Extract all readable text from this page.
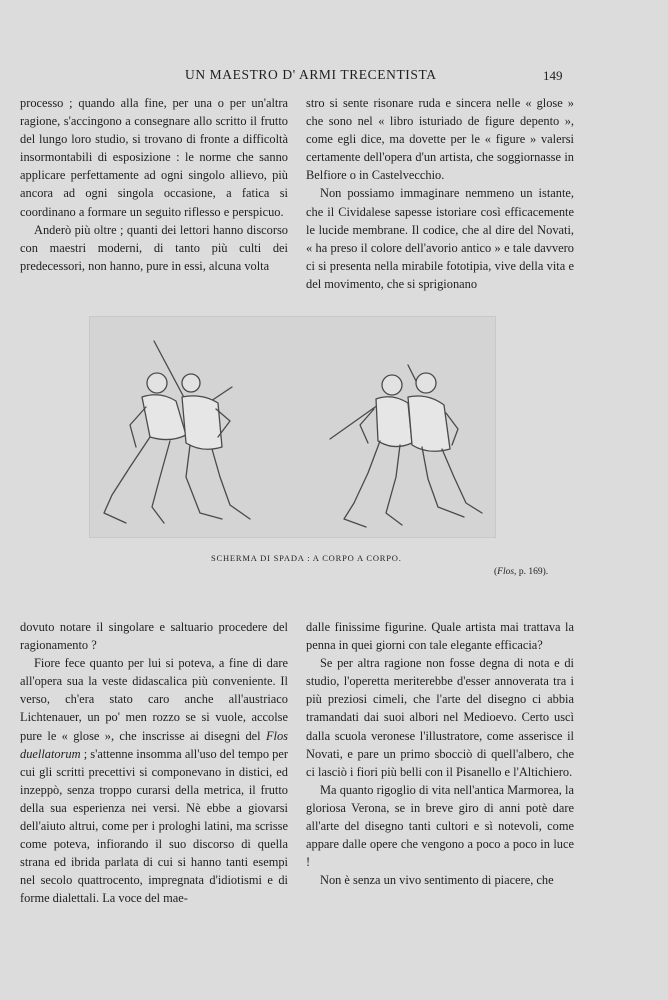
UN MAESTRO D' ARMI TRECENTISTA	149

processo ; quando alla fine, per una o per un'altra ragione, s'accingono a consegnare allo scritto il frutto del lungo loro studio, si trovano di fronte a difficoltà insormontabili di esposizione : le norme che sanno applicare perfettamente ad ogni singolo allievo, più ancora ad ogni singola occasione, a fatica si coordinano a formare un seguito riflesso e perspicuo.

Anderò più oltre ; quanti dei lettori hanno discorso con maestri moderni, di tanto più culti dei predecessori, non hanno, pure in essi, alcuna volta

stro si sente risonare ruda e sincera nelle « glose » che sono nel « libro isturiado de figure depento », come egli dice, ma dovette per le « figure » valersi certamente dell'opera d'un artista, che soggiornasse in Belfiore o in Castelvecchio.

Non possiamo immaginare nemmeno un istante, che il Cividalese sapesse istoriare così efficacemente le lucide membrane. Il codice, che al dire del Novati, « ha preso il colore dell'avorio antico » e tale davvero ci si presenta nella mirabile fototipia, vive della vita e del movimento, che si sprigionano

SCHERMA DI SPADA : A CORPO A CORPO.
(Flos, p. 169).

dovuto notare il singolare e saltuario procedere del ragionamento ?

Fiore fece quanto per lui si poteva, a fine di dare all'opera sua la veste didascalica più conveniente. Il verso, ch'era stato caro anche all'austriaco Lichtenauer, un po' men rozzo se si vuole, accolse pure le « glose », che inscrisse ai disegni del Flos duellatorum ; s'attenne insomma all'uso del tempo per cui gli scritti precettivi si componevano in distici, ed inzeppò, senza troppo curarsi della metrica, il frutto della sua esperienza nei versi. Nè ebbe a giovarsi dell'aiuto altrui, come per i prologhi latini, ma scrisse come poteva, infiorando il suo discorso di quella strana ed ibrida parlata di cui si hanno tanti esempi nel secolo quattrocento, impregnata d'idiotismi e di forme dialettali. La voce del mae-

dalle finissime figurine. Quale artista mai trattava la penna in quei giorni con tale elegante efficacia?

Se per altra ragione non fosse degna di nota e di studio, l'operetta meriterebbe d'esser annoverata tra i più preziosi cimeli, che l'arte del disegno ci abbia tramandati dai suoi albori nel Medioevo. Certo uscì dalla scuola veronese l'illustratore, come asserisce il Novati, e pare un primo sbocciò di quell'albero, che ci lasciò i fiori più belli con il Pisanello e l'Altichiero.

Ma quanto rigoglio di vita nell'antica Marmorea, la gloriosa Verona, se in breve giro di anni potè dare all'arte del disegno tanti cultori e sì notevoli, come appare dalle opere che vengono a poco a poco in luce !

Non è senza un vivo sentimento di piacere, che
